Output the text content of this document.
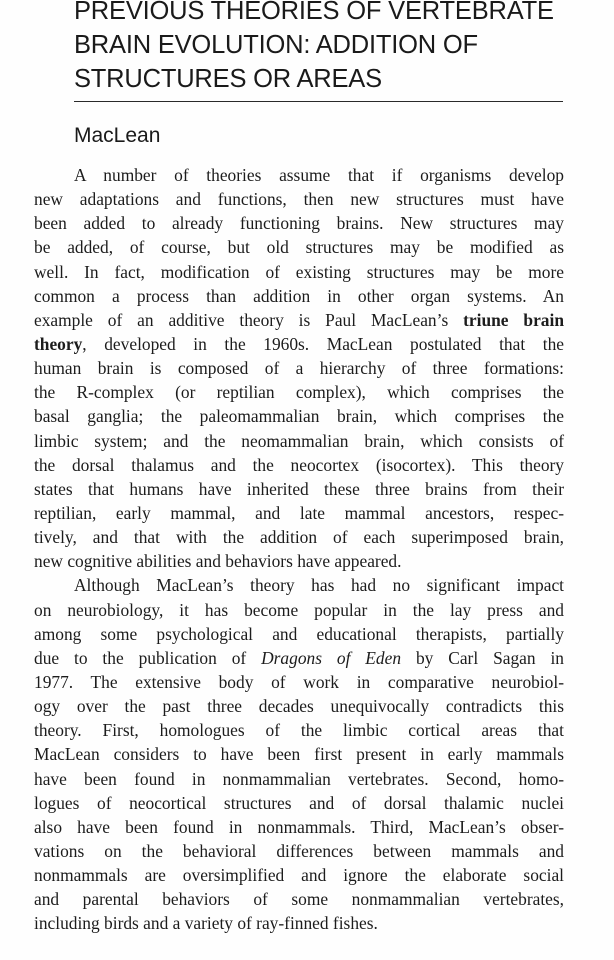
PREVIOUS THEORIES OF VERTEBRATE
BRAIN EVOLUTION: ADDITION OF
STRUCTURES OR AREAS
MacLean
A number of theories assume that if organisms develop
new adaptations and functions, then new structures must have
been added to already functioning brains. New structures may
be added, of course, but old structures may be modified as
well. In fact, modification of existing structures may be more
common a process than addition in other organ systems. An
example of an additive theory is Paul MacLean’s triune brain
theory, developed in the 1960s. MacLean postulated that the
human brain is composed of a hierarchy of three formations:
the R-complex (or reptilian complex), which comprises the
basal ganglia; the paleomammalian brain, which comprises the
limbic system; and the neomammalian brain, which consists of
the dorsal thalamus and the neocortex (isocortex). This theory
states that humans have inherited these three brains from their
reptilian, early mammal, and late mammal ancestors, respec-
tively, and that with the addition of each superimposed brain,
new cognitive abilities and behaviors have appeared.
Although MacLean’s theory has had no significant impact
on neurobiology, it has become popular in the lay press and
among some psychological and educational therapists, partially
due to the publication of Dragons of Eden by Carl Sagan in
1977. The extensive body of work in comparative neurobiol-
ogy over the past three decades unequivocally contradicts this
theory. First, homologues of the limbic cortical areas that
MacLean considers to have been first present in early mammals
have been found in nonmammalian vertebrates. Second, homo-
logues of neocortical structures and of dorsal thalamic nuclei
also have been found in nonmammals. Third, MacLean’s obser-
vations on the behavioral differences between mammals and
nonmammals are oversimplified and ignore the elaborate social
and parental behaviors of some nonmammalian vertebrates,
including birds and a variety of ray-finned fishes.
